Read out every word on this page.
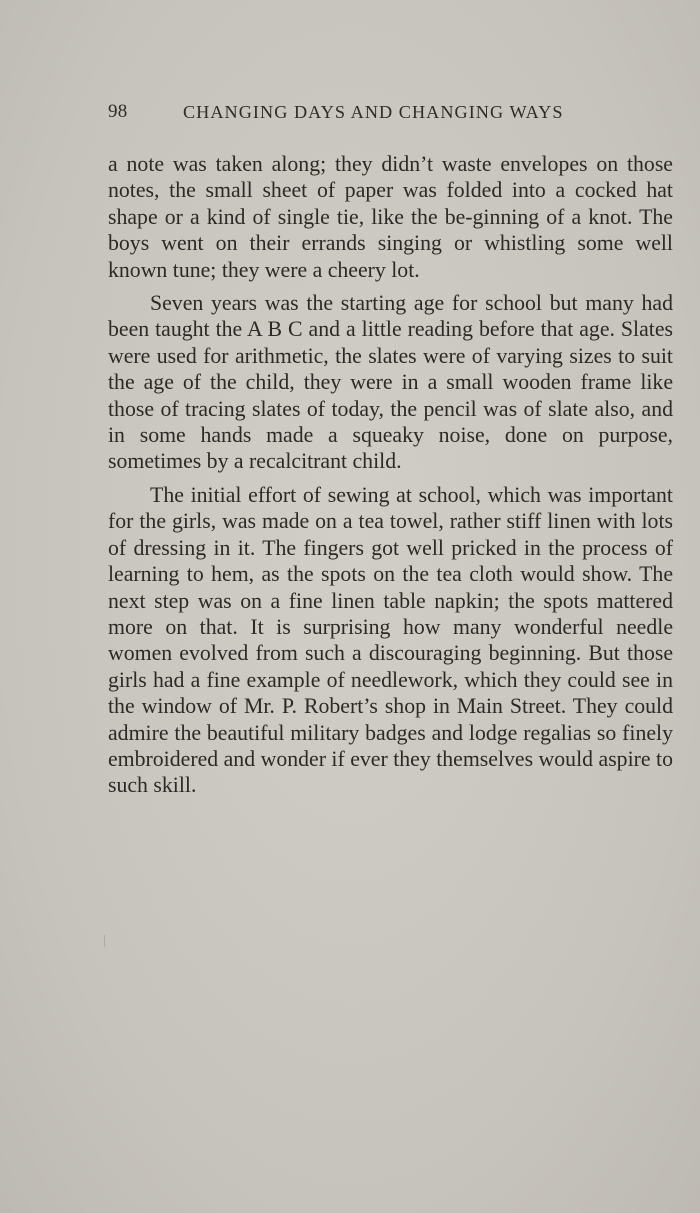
98	CHANGING DAYS AND CHANGING WAYS

a note was taken along; they didn’t waste envelopes on those notes, the small sheet of paper was folded into a cocked hat shape or a kind of single tie, like the be-ginning of a knot. The boys went on their errands singing or whistling some well known tune; they were a cheery lot.

Seven years was the starting age for school but many had been taught the A B C and a little reading before that age. Slates were used for arithmetic, the slates were of varying sizes to suit the age of the child, they were in a small wooden frame like those of tracing slates of today, the pencil was of slate also, and in some hands made a squeaky noise, done on purpose, sometimes by a recalcitrant child.

The initial effort of sewing at school, which was important for the girls, was made on a tea towel, rather stiff linen with lots of dressing in it. The fingers got well pricked in the process of learning to hem, as the spots on the tea cloth would show. The next step was on a fine linen table napkin; the spots mattered more on that. It is surprising how many wonderful needle women evolved from such a discouraging beginning. But those girls had a fine example of needlework, which they could see in the window of Mr. P. Robert’s shop in Main Street. They could admire the beautiful military badges and lodge regalias so finely embroidered and wonder if ever they themselves would aspire to such skill.
